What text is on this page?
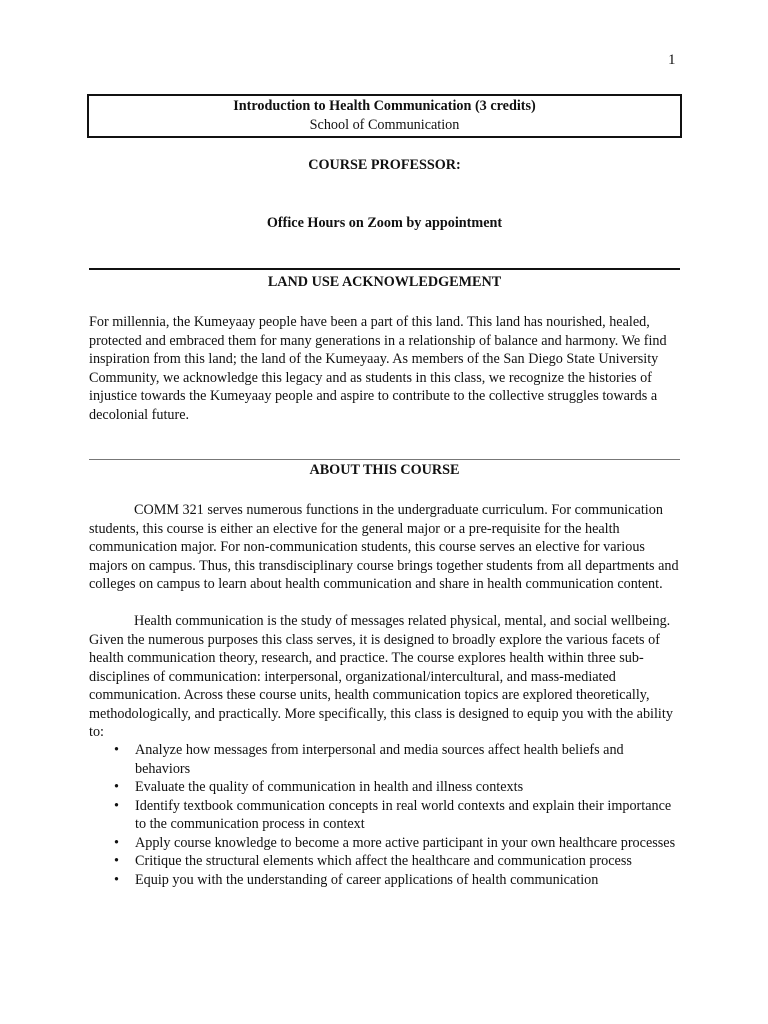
1
Introduction to Health Communication (3 credits)
School of Communication
COURSE PROFESSOR:
Office Hours on Zoom by appointment
LAND USE ACKNOWLEDGEMENT

For millennia, the Kumeyaay people have been a part of this land. This land has nourished, healed, protected and embraced them for many generations in a relationship of balance and harmony. We find inspiration from this land; the land of the Kumeyaay. As members of the San Diego State University Community, we acknowledge this legacy and as students in this class, we recognize the histories of injustice towards the Kumeyaay people and aspire to contribute to the collective struggles towards a decolonial future.

ABOUT THIS COURSE

COMM 321 serves numerous functions in the undergraduate curriculum. For communication students, this course is either an elective for the general major or a pre-requisite for the health communication major. For non-communication students, this course serves an elective for various majors on campus. Thus, this transdisciplinary course brings together students from all departments and colleges on campus to learn about health communication and share in health communication content.

Health communication is the study of messages related physical, mental, and social wellbeing. Given the numerous purposes this class serves, it is designed to broadly explore the various facets of health communication theory, research, and practice. The course explores health within three sub-disciplines of communication: interpersonal, organizational/intercultural, and mass-mediated communication. Across these course units, health communication topics are explored theoretically, methodologically, and practically. More specifically, this class is designed to equip you with the ability to:

• Analyze how messages from interpersonal and media sources affect health beliefs and behaviors
• Evaluate the quality of communication in health and illness contexts
• Identify textbook communication concepts in real world contexts and explain their importance to the communication process in context
• Apply course knowledge to become a more active participant in your own healthcare processes
• Critique the structural elements which affect the healthcare and communication process
• Equip you with the understanding of career applications of health communication
